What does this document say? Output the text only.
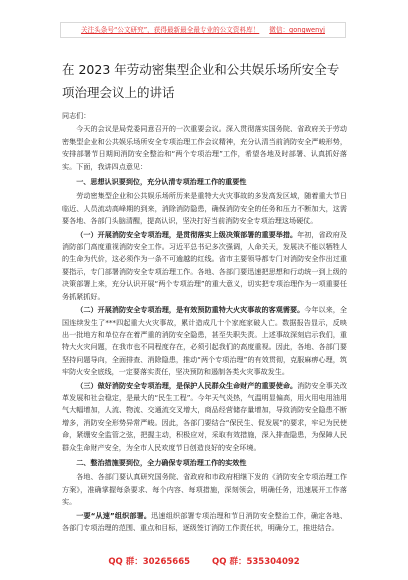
关注头条号“公文研究”，获得最新最全最专业的公文资料库！ 微信：gongwenyj
在 2023 年劳动密集型企业和公共娱乐场所安全专项治理会议上的讲话
同志们：

今天的会议是局党委同意召开的一次重要会议。深入贯彻落实国务院、省政府关于劳动密集型企业和公共娱乐场所安全专项治理工作会议精神，充分认清当前消防安全严峻形势，安排部署节日期间消防安全整治和“两个专项治理”工作，希望各地及时部署、认真抓好落实。下面，我讲四点意见：

一、思想认识要到位，充分认清专项治理工作的重要性

劳动密集型企业和公共娱乐场所历来是重特大火灾事故的多发高发区域，随着重大节日临近、人员流动高峰期的到来，消除消防隐患，确保消防安全的任务和压力不断加大，这需要各地、各部门头脑清醒，提高认识，坚决打好当前消防安全专项治理这场硬仗。

（一）开展消防安全专项治理，是贯彻落实上级决策部署的重要举措。年初，省政府及消防部门高度重视消防安全工作。习近平总书记多次强调，人命关天，发展决不能以牺牲人的生命为代价，这必须作为一条不可逾越的红线。省市主要领导都专门对消防安全作出过重要指示，专门部署消防安全专项治理工作。各地、各部门要迅速把思想和行动统一到上级的决策部署上来，充分认识开展“两个专项治理”的重大意义，切实把专项治理作为一项重要任务抓紧抓好。

（二）开展消防安全专项治理，是有效预防重特大火灾事故的客观需要。今年以来，全国连续发生了***四起重大火灾事故，累计造成几十个家庭家破人亡。数据报告显示，反映出一批地方和单位存在着严重的消防安全隐患，甚至失职失责。上述事故深刻启示我们，重特大火灾问题，在我市也不同程度存在，必须引起我们的高度重视。因此，各地、各部门要坚持问题导向，全面排查、消除隐患，推动“两个专项治理”的有效贯彻，克服麻痹心理，筑牢防火安全底线，一定要落实责任，坚决预防和遏制各类火灾事故发生。

（三）做好消防安全专项治理，是保护人民群众生命财产的重要使命。消防安全事关改革发展和社会稳定，是最大的“民生工程”。今年天气炎热，气温明显偏高，用火用电用油用气大幅增加，人流、物流、交通流交叉增大，商品经营储存量增加，导致消防安全隐患不断增多，消防安全形势异常严峻。因此，各部门要结合“保民生、促发展”的要求，牢记为民使命，紧绷安全监管之弦，把握主动，积极应对，采取有效措施，深入排查隐患，为保障人民群众生命财产安全，为全市人民欢度节日创造良好的安全环境。

二、整治措施要到位，全力确保专项治理工作的实效性

各地、各部门要认真研究国务院、省政府和市政府相继下发的《消防安全专项治理工作方案》，准确掌握每条要求、每个内容、每项措施，深刻领会，明确任务，迅速展开工作落实。

一要“从速”组织部署。迅速组织部署专项治理和节日消防安全整治工作，确定各地、各部门专项治理的范围、重点和目标，逐级签订消防工作责任状，明确分工，推进结合。

QQ 群：30265665	QQ 群：535304092
